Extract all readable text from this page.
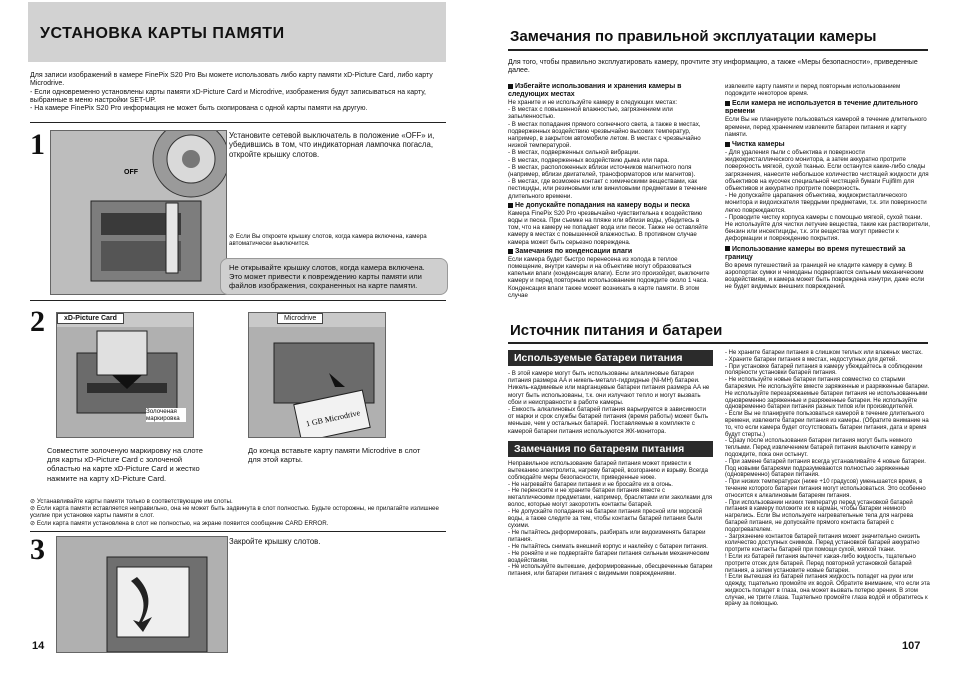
УСТАНОВКА КАРТЫ ПАМЯТИ

Для записи изображений в камере FinePix S20 Pro Вы можете использовать либо карту памяти xD-Picture Card, либо карту Microdrive.

- Если одновременно установлены карты памяти xD-Picture Card и Microdrive, изображения будут записываться на карту, выбранные в меню настройки SET-UP.

- На камере FinePix S20 Pro информация не может быть скопирована с одной карты памяти на другую.

1
OFF
Установите сетевой выключатель в положение «OFF» и, убедившись в том, что индикаторная лампочка погасла, откройте крышку слотов.
⊘ Если Вы откроете крышку слотов, когда камера включена, камера автоматически выключится.
Не открывайте крышку слотов, когда камера включена. Это может привести к повреждению карты памяти или файлов изображения, сохраненных на карте памяти.
2	xD-Picture Card
Золоченая маркировка
Microdrive
1 GB Microdrive
Совместите золоченую маркировку на слоте для карты xD-Picture Card с золоченой областью на карте xD-Picture Card и жестко нажмите на карту xD-Picture Card.
До конца вставьте карту памяти Microdrive в слот для этой карты.

⊘ Устанавливайте карты памяти только в соответствующие им слоты.

⊘ Если карта памяти вставляется неправильно, она не может быть задвинута в слот полностью. Будьте осторожны, не прилагайте излишнее усилие при установке карты памяти в слот.

⊘ Если карта памяти установлена в слот не полностью, на экране появится сообщение CARD ERROR.

3	Закройте крышку слотов.
14
Замечания по правильной эксплуатации камеры
Для того, чтобы правильно эксплуатировать камеру, прочтите эту информацию, а также «Меры безопасности», приведенные далее.
Избегайте использования и хранения камеры в следующих местах
Не храните и не используйте камеру в следующих местах:
- В местах с повышенной влажностью, загрязнением или запыленностью.
- В местах попадания прямого солнечного света, а также в местах, подверженных воздействию чрезвычайно высоких температур, например, в закрытом автомобиле летом. В местах с чрезвычайно низкой температурой.
- В местах, подверженных сильной вибрации.
- В местах, подверженных воздействию дыма или пара.
- В местах, расположенных вблизи источников магнитного поля (например, вблизи двигателей, трансформаторов или магнитов).
- В местах, где возможен контакт с химическими веществами, как пестициды, или резиновыми или виниловыми предметами в течение длительного времени.
Не допускайте попадания на камеру воды и песка
Камера FinePix S20 Pro чрезвычайно чувствительна к воздействию воды и песка. При съемке на пляже или вблизи воды, убедитесь в том, что на камеру не попадает вода или песок. Также не оставляйте камеру в местах с повышенной влажностью. В противном случае камера может быть серьезно повреждена.
Замечания по конденсации влаги
Если камера будет быстро перенесена из холода в теплое помещение, внутри камеры и на объективе могут образоваться капельки влаги (конденсация влаги). Если это произойдет, выключите камеру и перед повторным использованием подождите около 1 часа. Конденсация влаги также может возникать в карте памяти. В этом случае
извлеките карту памяти и перед повторным использованием подождите некоторое время.
Если камера не используется в течение длительного времени
Если Вы не планируете пользоваться камерой в течение длительного времени, перед хранением извлеките батареи питания и карту памяти.
Чистка камеры
- Для удаления пыли с объектива и поверхности жидкокристаллического монитора, а затем аккуратно протрите поверхность мягкой, сухой тканью. Если останутся какие-либо следы загрязнения, нанесите небольшое количество чистящей жидкости для объективов на кусочек специальной чистящей бумаги Fujifilm для объективов и аккуратно протрите поверхность.
- Не допускайте царапания объектива, жидкокристаллического монитора и видоискателя твердыми предметами, т.к. эти поверхности легко повреждаются.
- Проводите чистку корпуса камеры с помощью мягкой, сухой ткани. Не используйте для чистки летучие вещества, такие как растворители, бензин или инсектициды, т.к. эти вещества могут привести к деформации и повреждению покрытия.
Использование камеры во время путешествий за границу
Во время путешествий за границей не кладите камеру в сумку. В аэропортах сумки и чемоданы подвергаются сильным механическим воздействиям, и камера может быть повреждена изнутри, даже если не будет видимых внешних повреждений.
Источник питания и батареи
Используемые батареи питания
- В этой камере могут быть использованы алкалиновые батареи питания размера AA и никель-металл-гидридные (Ni-MH) батареи.
Никель-кадмиевые или марганцевые батареи питания размера AA не могут быть использованы, т.к. они излучают тепло и могут вызвать сбои и неисправности в работе камеры.
- Емкость алкалиновых батарей питания варьируется в зависимости от марки и срок службы батарей питания (время работы) может быть меньше, чем у остальных батарей. Поставляемые в комплекте с камерой батареи питания используются ЖК-монитора.
Замечания по батареям питания
Неправильное использование батарей питания может привести к вытеканию электролита, нагреву батарей, возгоранию и взрыву. Всегда соблюдайте меры безопасности, приведенные ниже.
- Не нагревайте батареи питания и не бросайте их в огонь.
- Не переносите и не храните батареи питания вместе с металлическими предметами, например, браслетами или заколками для волос, которые могут закоротить контакты батарей.
- Не допускайте попадания на батареи питания пресной или морской воды, а также следите за тем, чтобы контакты батарей питания были сухими.
- Не пытайтесь деформировать, разбирать или видоизменять батареи питания.
- Не пытайтесь снимать внешний корпус и наклейку с батареи питания.
- Не роняйте и не подвергайте батареи питания сильным механическим воздействиям.
- Не используйте вытекшие, деформированные, обесцвеченные батареи питания, или батареи питания с видимыми повреждениями.
- Не храните батареи питания в слишком теплых или влажных местах.
- Храните батареи питания в местах, недоступных для детей.
- При установке батарей питания в камеру убеждайтесь в соблюдении полярности установки батарей питания.
- Не используйте новые батареи питания совместно со старыми батареями. Не используйте вместе заряженные и разряженные батареи. Не используйте перезаряжаемые батареи питания не использованными одновременно заряженные и разряженные батареи. Не используйте одновременно батареи питания разных типов или производителей.
- Если Вы не планируете пользоваться камерой в течение длительного времени, извлеките батареи питания из камеры. (Обратите внимание на то, что если камера будет отсутствовать батареи питания, дата и время будут стерты.)
- Сразу после использования батареи питания могут быть немного теплыми. Перед извлечением батарей питания выключите камеру и подождите, пока они остынут.
- При замене батарей питания всегда устанавливайте 4 новые батареи. Под новыми батареями подразумеваются полностью заряженные (одновременно) батареи питания.
- При низких температурах (ниже +10 градусов) уменьшается время, в течение которого батареи питания могут использоваться. Это особенно относится к алкалиновым батареям питания.
- При использовании низких температур перед установкой батарей питания в камеру положите их в карман, чтобы батареи немного нагрелись. Если Вы используете нагревательные тела для нагрева батарей питания, не допускайте прямого контакта батарей с подогревателем.
- Загрязнение контактов батарей питания может значительно снизить количество доступных снимков. Перед установкой батарей аккуратно протрите контакты батарей при помощи сухой, мягкой ткани.
! Если из батарей питания вытечет какая-либо жидкость, тщательно протрите отсек для батарей. Перед повторной установкой батарей питания, а затем установите новые батареи.
! Если вытекшая из батарей питания жидкость попадет на руки или одежду, тщательно промойте их водой. Обратите внимание, что если эта жидкость попадет в глаза, она может вызвать потерю зрения. В этом случае, не трите глаза. Тщательно промойте глаза водой и обратитесь к врачу за помощью.
107
